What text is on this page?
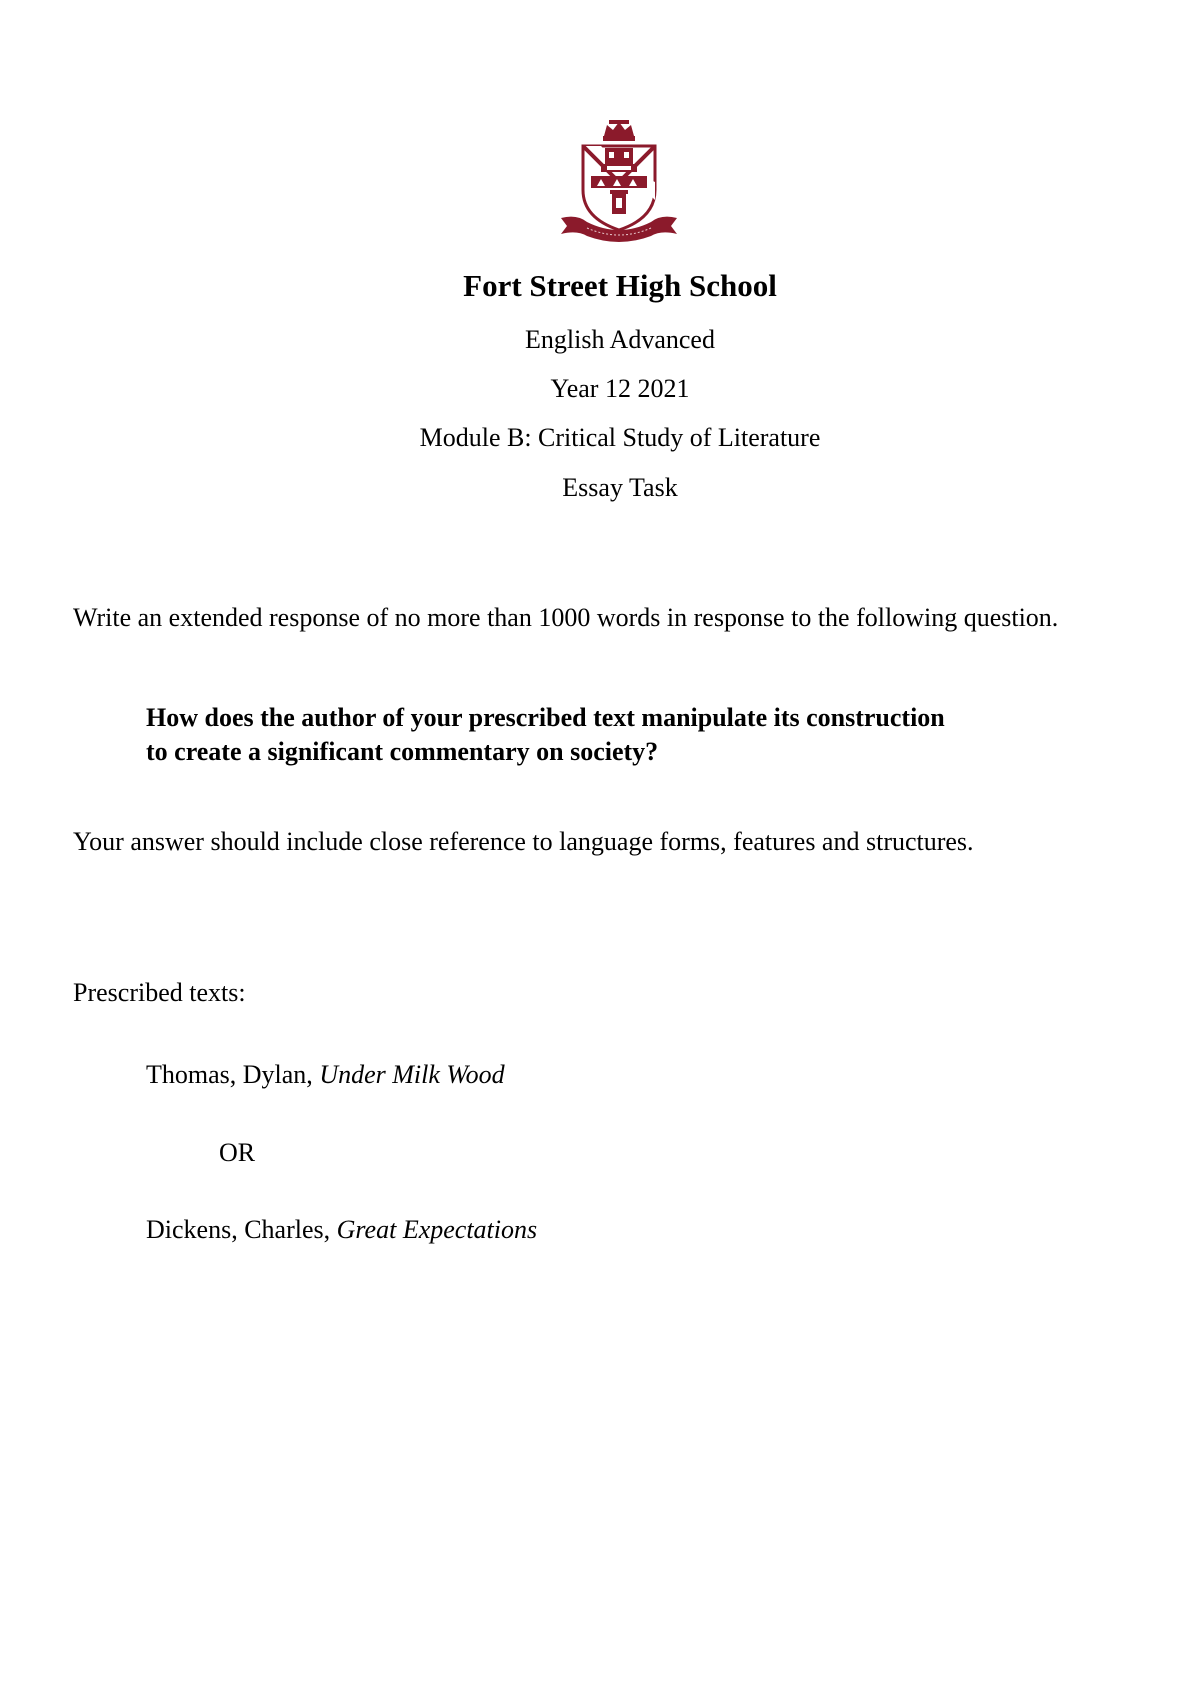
Fort Street High School
English Advanced
Year 12 2021
Module B: Critical Study of Literature
Essay Task
Write an extended response of no more than 1000 words in response to the following question.
How does the author of your prescribed text manipulate its construction
to create a significant commentary on society?
Your answer should include close reference to language forms, features and structures.
Prescribed texts:
Thomas, Dylan, Under Milk Wood
OR
Dickens, Charles, Great Expectations
